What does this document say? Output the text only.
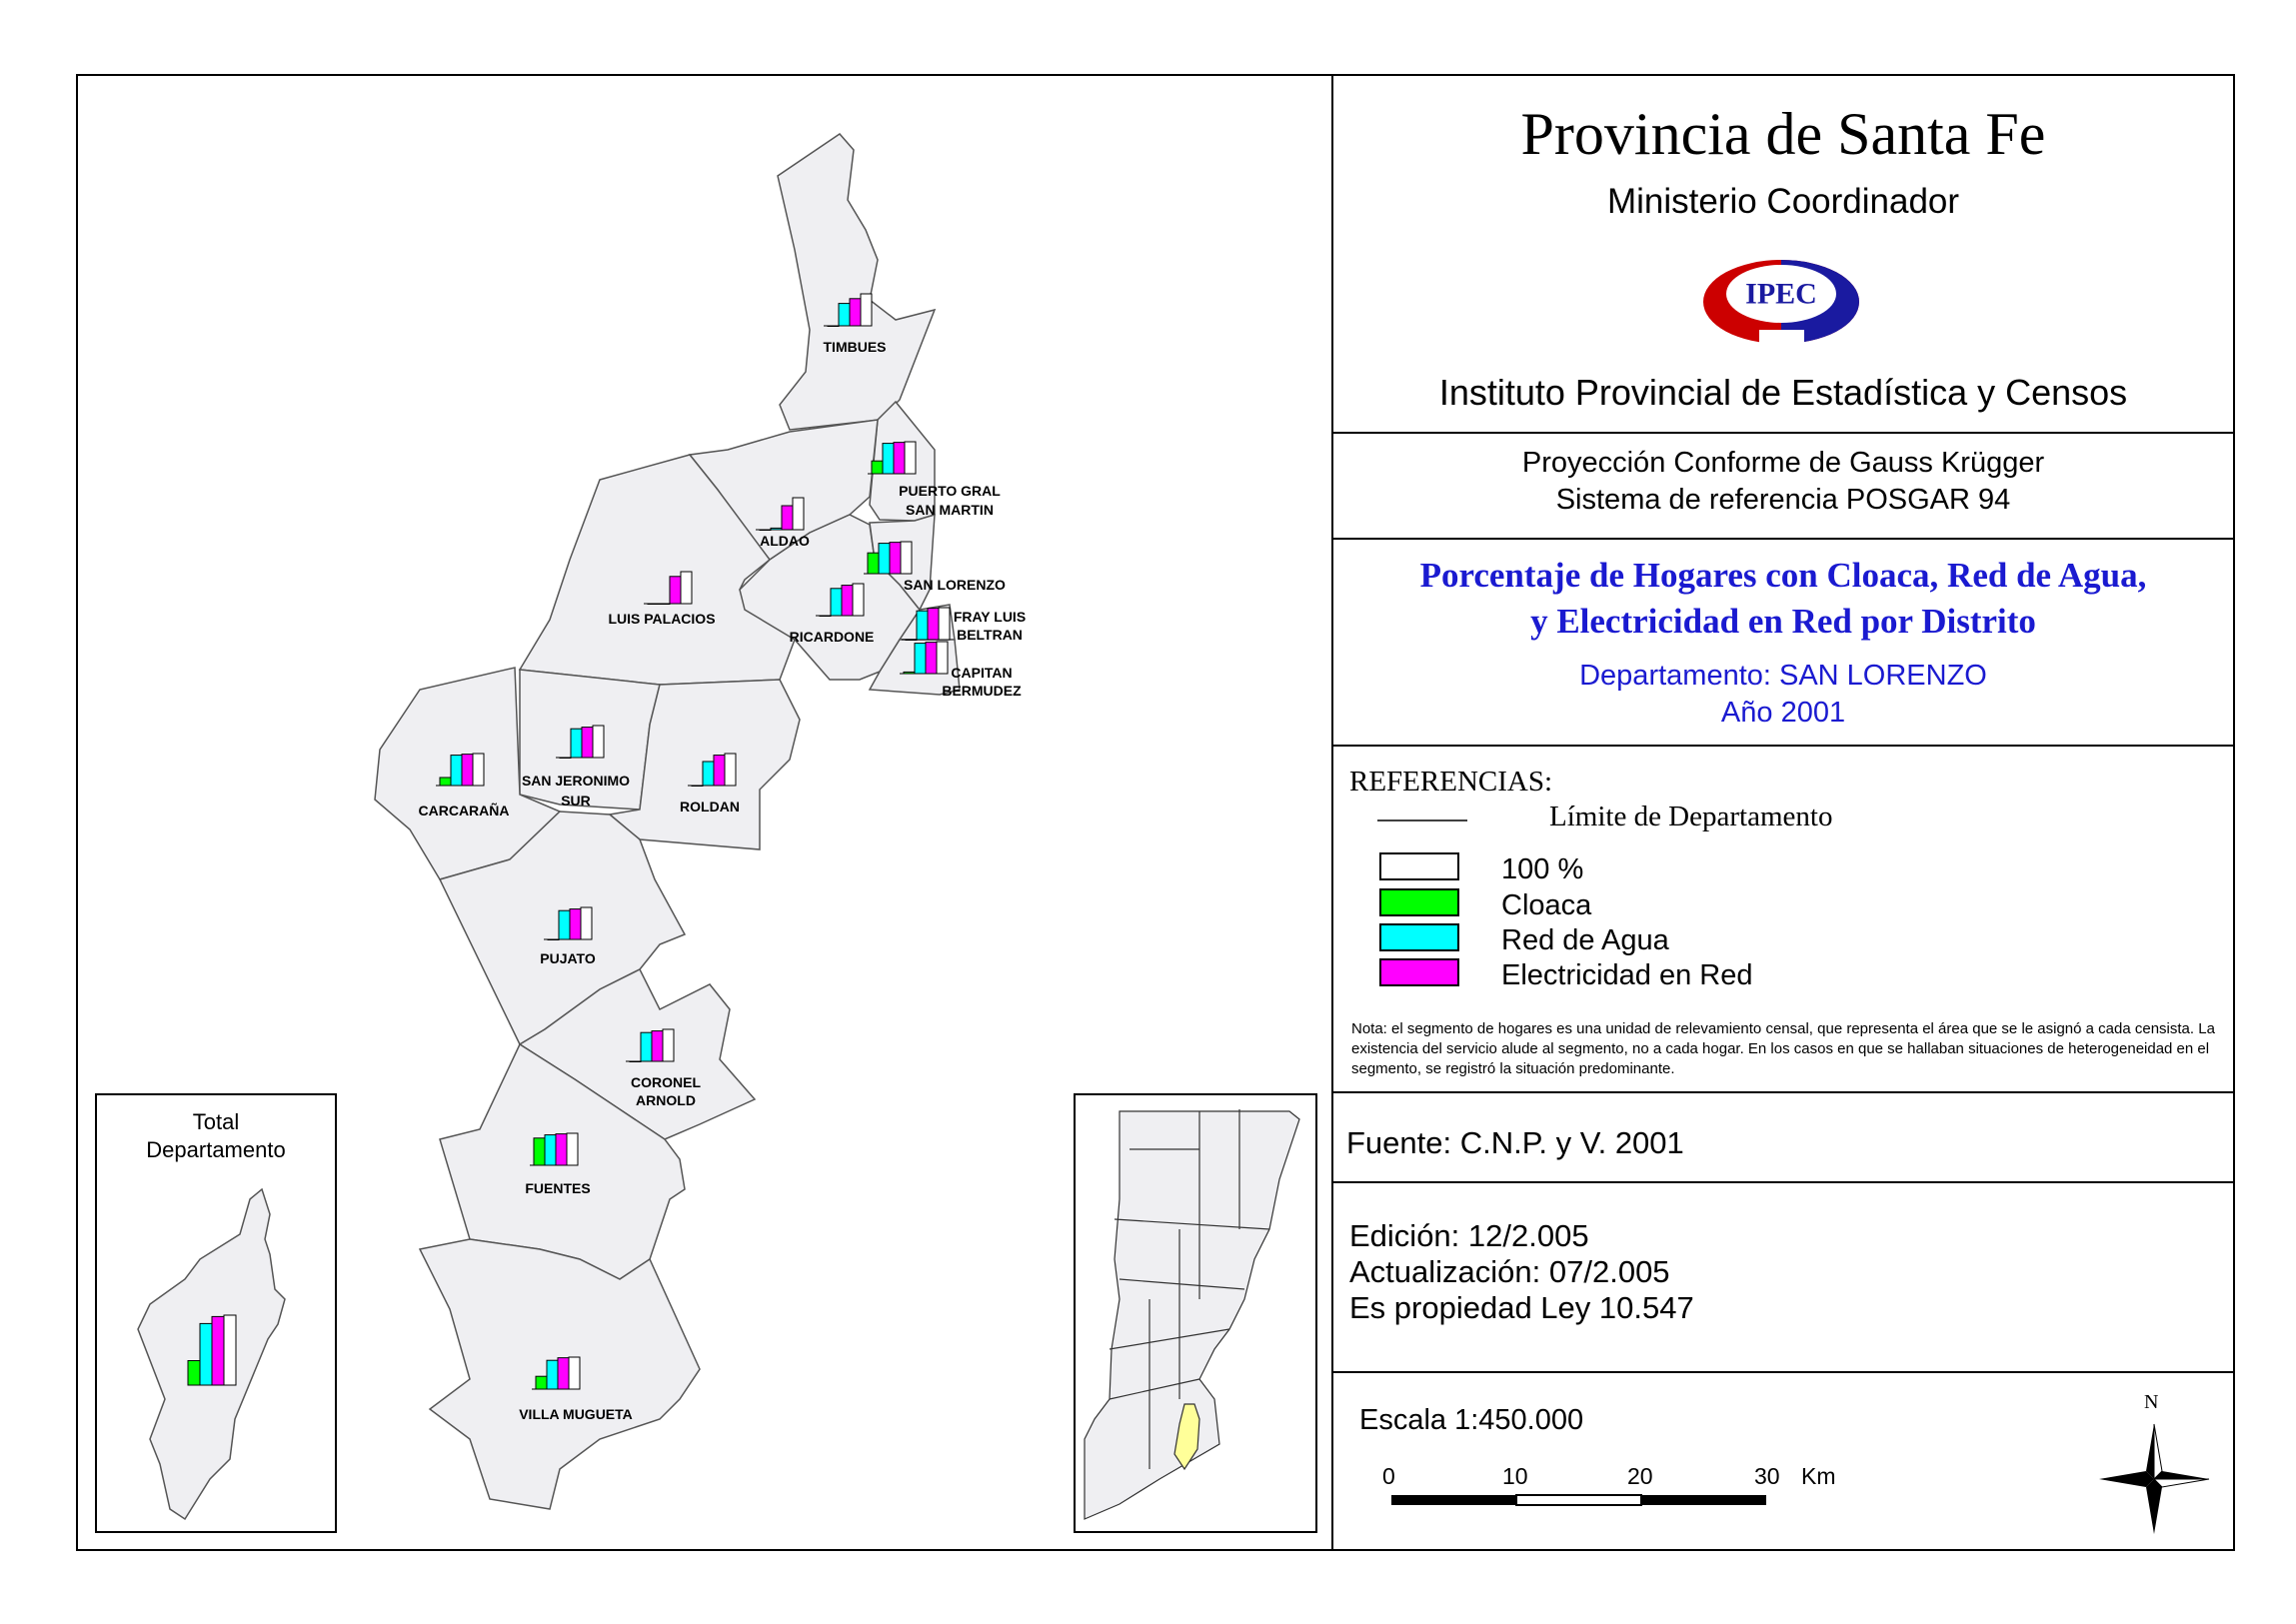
TIMBUES
PUERTO GRAL
SAN MARTIN
ALDAO
SAN LORENZO
LUIS PALACIOS
RICARDONE
FRAY LUIS
BELTRAN
CAPITAN
BERMUDEZ
SAN JERONIMO
SUR
CARCARAÑA	ROLDAN
PUJATO
CORONEL
ARNOLD
FUENTES
VILLA MUGUETA
IPEC
Provincia de Santa Fe
Ministerio Coordinador
Instituto Provincial de Estadística y Censos
Proyección Conforme de Gauss Krügger
Sistema de referencia POSGAR 94
Porcentaje de Hogares con Cloaca, Red de Agua,
y Electricidad en Red por Distrito
Departamento: SAN LORENZO
Año 2001
REFERENCIAS:
Límite de Departamento
100 %
Cloaca
Red de Agua
Electricidad en Red
Nota: el segmento de hogares es una unidad de relevamiento censal, que representa el área que se le asignó a cada censista. La existencia del servicio alude al segmento, no a cada hogar. En los casos en que se hallaban situaciones de heterogeneidad en el segmento, se registró la situación predominante.
Fuente: C.N.P. y V. 2001
Edición: 12/2.005
Actualización: 07/2.005
Es propiedad Ley 10.547
Escala 1:450.000
0	10	20	30 Km
N
Total
Departamento
